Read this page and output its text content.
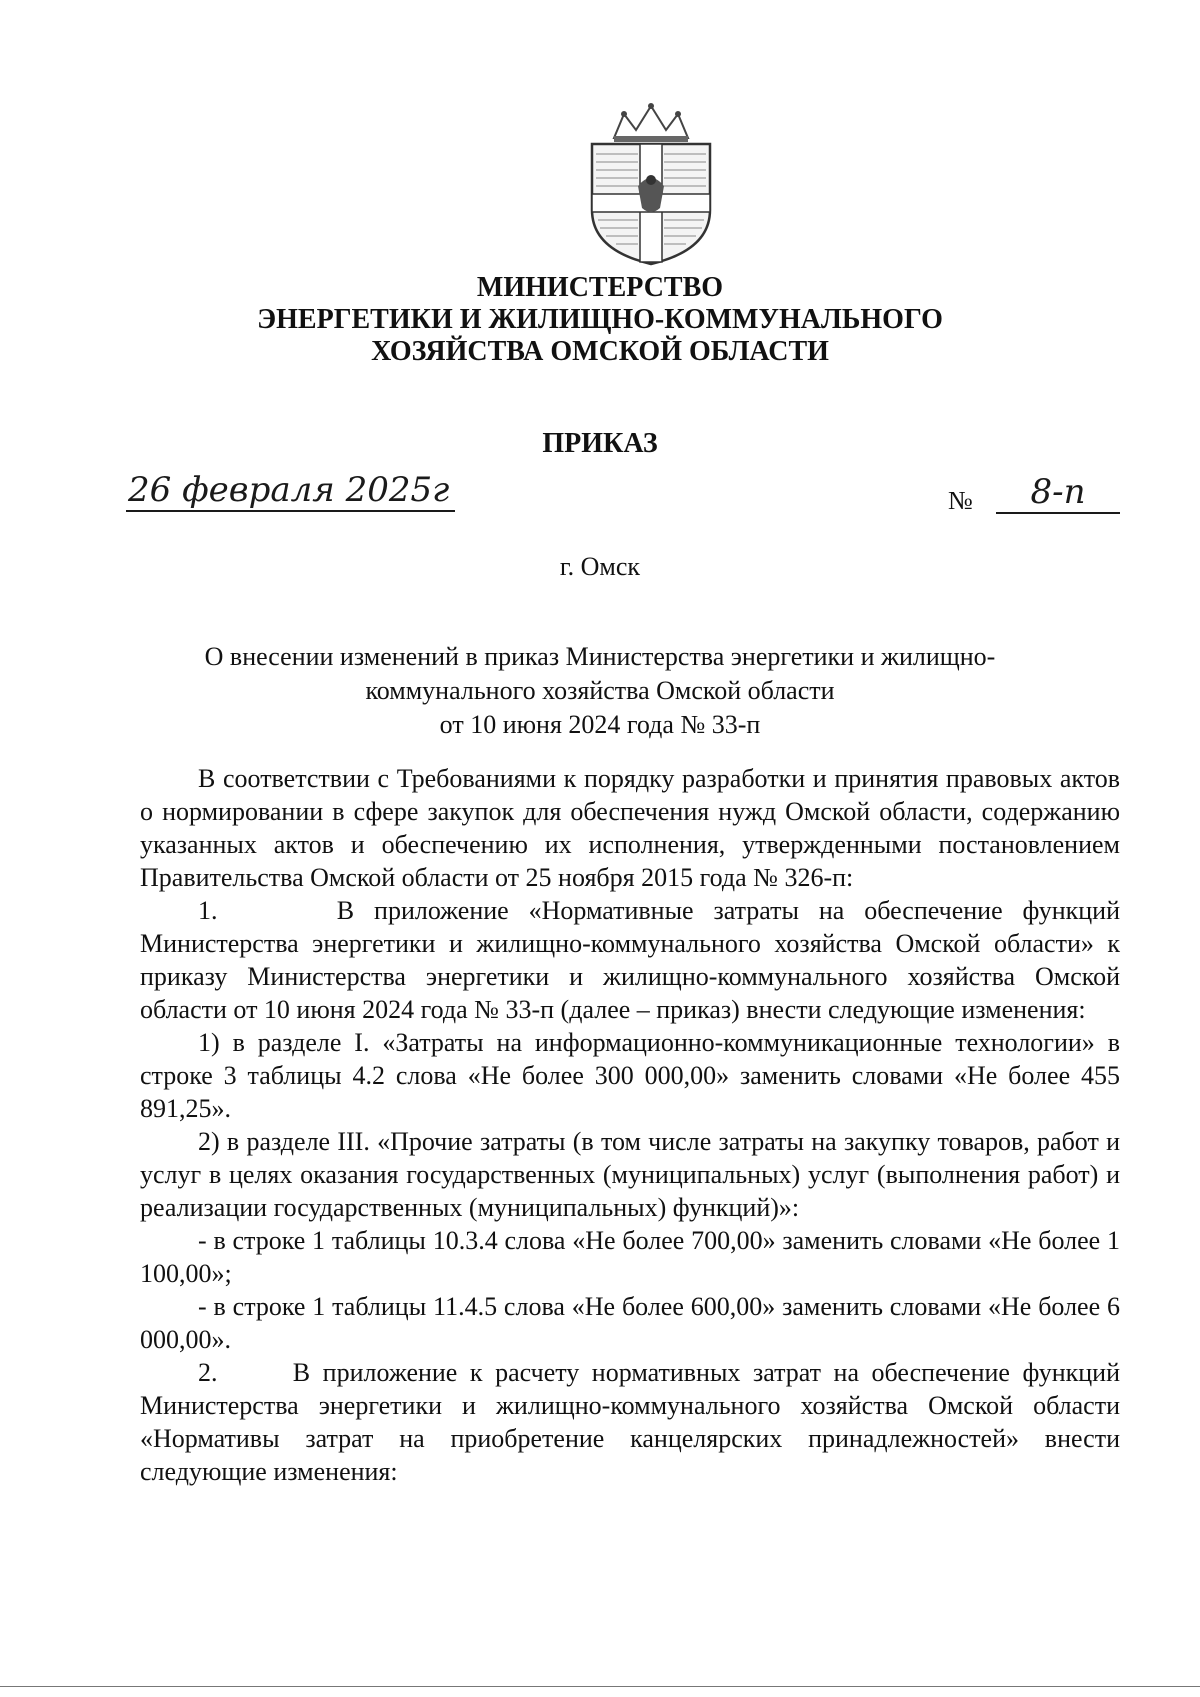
МИНИСТЕРСТВО
ЭНЕРГЕТИКИ И ЖИЛИЩНО-КОММУНАЛЬНОГО
ХОЗЯЙСТВА ОМСКОЙ ОБЛАСТИ
ПРИКАЗ
26 февраля 2025г	№	8-п
г. Омск
О внесении изменений в приказ Министерства энергетики и жилищно-
коммунального хозяйства Омской области
от 10 июня 2024 года № 33-п

В соответствии с Требованиями к порядку разработки и принятия правовых актов о нормировании в сфере закупок для обеспечения нужд Омской области, содержанию указанных актов и обеспечению их исполнения, утвержденными постановлением Правительства Омской области от 25 ноября 2015 года № 326-п:

1.      В приложение «Нормативные затраты на обеспечение функций Министерства энергетики и жилищно-коммунального хозяйства Омской области» к приказу Министерства энергетики и жилищно-коммунального хозяйства Омской области от 10 июня 2024 года № 33-п (далее – приказ) внести следующие изменения:

1) в разделе I. «Затраты на информационно-коммуникационные технологии» в строке 3 таблицы 4.2 слова «Не более 300 000,00» заменить словами «Не более 455 891,25».

2) в разделе III. «Прочие затраты (в том числе затраты на закупку товаров, работ и услуг в целях оказания государственных (муниципальных) услуг (выполнения работ) и реализации государственных (муниципальных) функций)»:

- в строке 1 таблицы 10.3.4 слова «Не более 700,00» заменить словами «Не более 1 100,00»;

- в строке 1 таблицы 11.4.5 слова «Не более 600,00» заменить словами «Не более 6 000,00».

2.      В приложение к расчету нормативных затрат на обеспечение функций Министерства энергетики и жилищно-коммунального хозяйства Омской области «Нормативы затрат на приобретение канцелярских принадлежностей» внести следующие изменения:
